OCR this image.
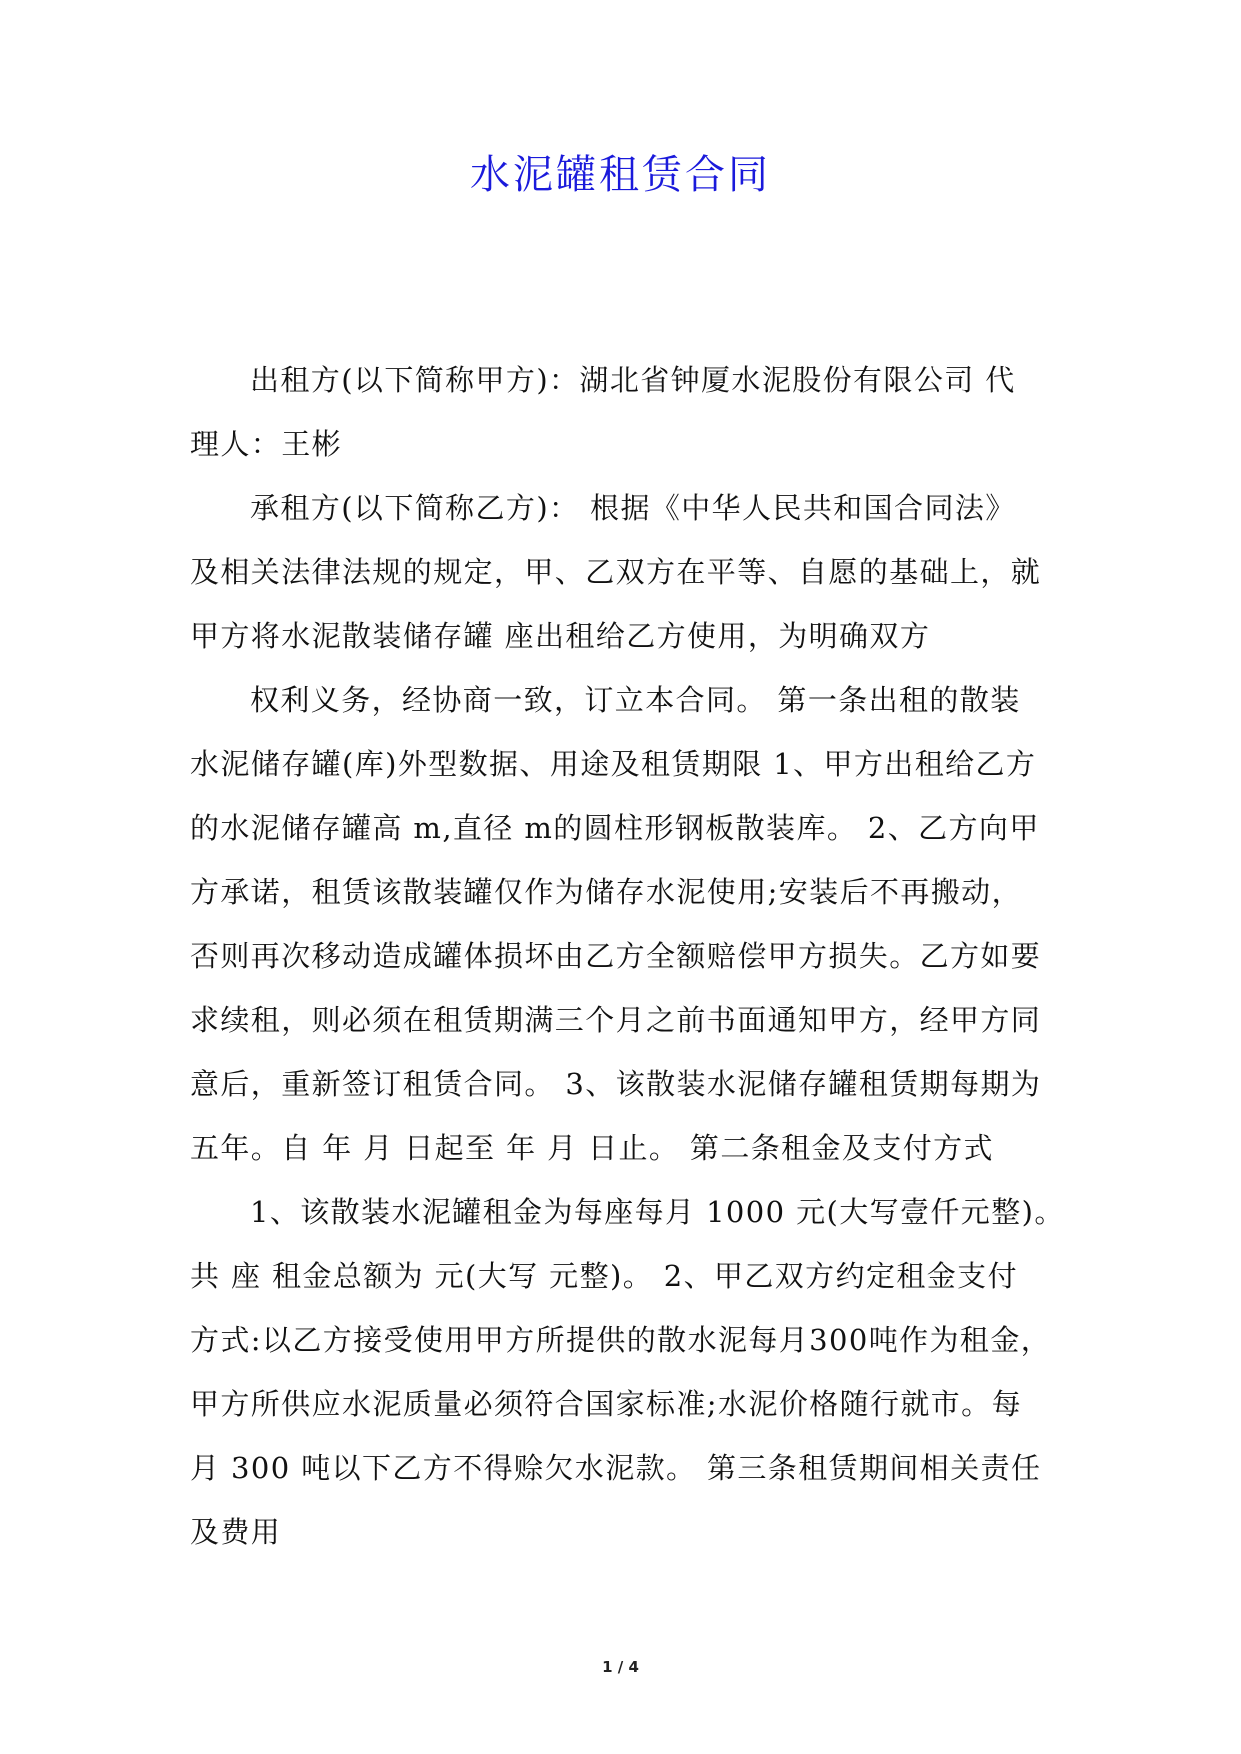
水泥罐租赁合同
出租方(以下简称甲方)：湖北省钟厦水泥股份有限公司 代
理人：王彬
承租方(以下简称乙方)： 根据《中华人民共和国合同法》
及相关法律法规的规定，甲、乙双方在平等、自愿的基础上，就
甲方将水泥散装储存罐 座出租给乙方使用，为明确双方
权利义务，经协商一致，订立本合同。 第一条出租的散装
水泥储存罐(库)外型数据、用途及租赁期限 1、甲方出租给乙方
的水泥储存罐高 m,直径 m的圆柱形钢板散装库。 2、乙方向甲
方承诺，租赁该散装罐仅作为储存水泥使用;安装后不再搬动，
否则再次移动造成罐体损坏由乙方全额赔偿甲方损失。乙方如要
求续租，则必须在租赁期满三个月之前书面通知甲方，经甲方同
意后，重新签订租赁合同。 3、该散装水泥储存罐租赁期每期为
五年。自 年 月 日起至 年 月 日止。 第二条租金及支付方式
1、该散装水泥罐租金为每座每月 1000 元(大写壹仟元整)。
共 座 租金总额为 元(大写 元整)。 2、甲乙双方约定租金支付
方式:以乙方接受使用甲方所提供的散水泥每月300吨作为租金，
甲方所供应水泥质量必须符合国家标准;水泥价格随行就市。每
月 300 吨以下乙方不得赊欠水泥款。 第三条租赁期间相关责任
及费用
1 / 4
